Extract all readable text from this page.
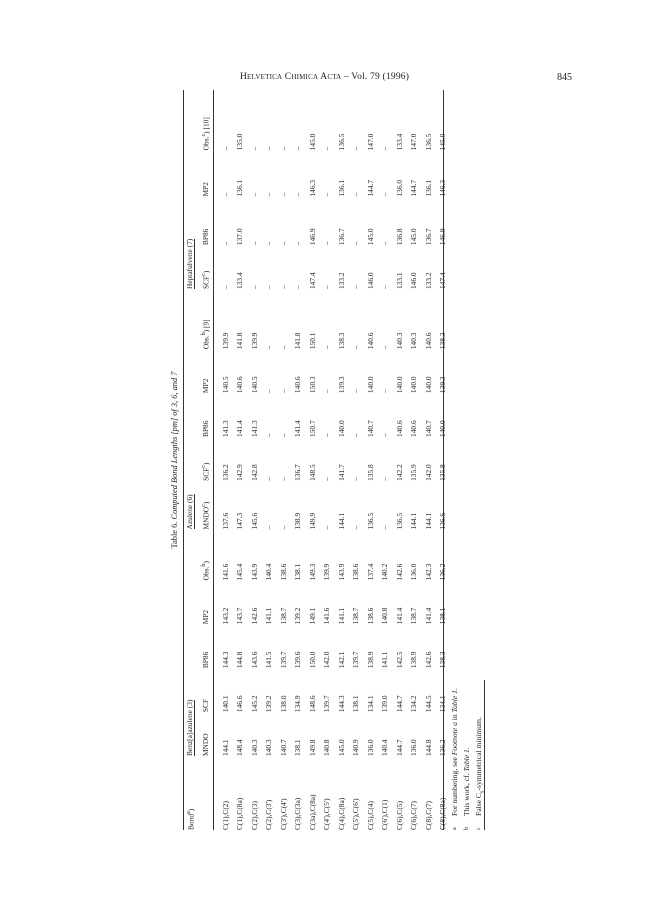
Helvetica Chimica Acta – Vol. 79 (1996)	845
Table 6. Computed Bond Lengths [pm] of 3, 6, and 7
Bond$^a$)	Benz[a]azulene (3)					Azulene (6)					Heptafulvene (7)			
	MNDO	SCF	BP86	MP2	Obs.$^b$)	MNDO$^c$)	SCF$^c$)	BP86	MP2	Obs.$^b$) [9]	SCF$^c$)	BP86	MP2	Obs.$^c$) [10]
C(1),C(2)	144.1	140.1	144.3	143.2	141.6	137.6	136.2	141.3	140.5	139.9	–	–	–	–
C(1),C(8a)	148.4	146.6	144.8	143.7	145.4	147.3	142.9	141.4	140.6	141.8	133.4	137.0	136.1	135.0
C(2),C(3)	140.3	145.2	143.6	142.6	143.9	145.6	142.8	141.3	140.5	139.9	–	–	–	–
C(2),C(3')	140.3	139.2	141.5	141.1	140.4	–	–	–	–	–	–	–	–	–
C(3'),C(4')	140.7	138.0	139.7	138.7	138.6	–	–	–	–	–	–	–	–	–
C(3),C(3a)	138.1	134.9	139.6	139.2	138.1	138.9	136.7	141.4	140.6	141.8	–	–	–	–
C(3a),C(8a)	149.8	148.6	150.0	149.1	149.3	149.9	148.5	150.7	150.3	150.1	147.4	146.9	146.3	145.0
C(4'),C(5')	140.8	139.7	142.0	141.6	139.9	–	–	–	–	–	–	–	–	–
C(4),C(8a)	145.0	144.3	142.1	141.1	143.9	144.1	141.7	140.0	139.3	138.3	133.2	136.7	136.1	136.5
C(5'),C(6')	140.9	138.1	139.7	138.7	138.6	–	–	–	–	–	–	–	–	–
C(5),C(4)	136.0	134.1	138.9	138.6	137.4	136.5	135.8	140.7	140.0	140.6	146.0	145.0	144.7	147.0
C(6'),C(1)	140.4	139.0	141.1	140.8	140.2	–	–	–	–	–	–	–	–	–
C(6),C(5)	144.7	144.7	142.5	141.4	142.6	136.5	142.2	140.6	140.0	140.3	133.1	136.8	136.0	133.4
C(6),C(7)	136.0	134.2	138.9	138.7	136.0	144.1	135.9	140.6	140.0	140.3	146.0	145.0	144.7	147.0
C(8),C(7)	144.8	144.5	142.6	141.4	142.3	144.1	142.0	140.7	140.0	140.6	133.2	136.7	136.1	136.5
C(8),C(8a)	136.2	134.1	138.3	138.1	136.2	136.6	135.8	140.0	139.3	138.3	147.4	146.9	146.3	145.0
a
For numbering, see Footnote a in Table 1.
b
This work, cf. Table 1.
c
False $C_s$-symmetrical minimum.
